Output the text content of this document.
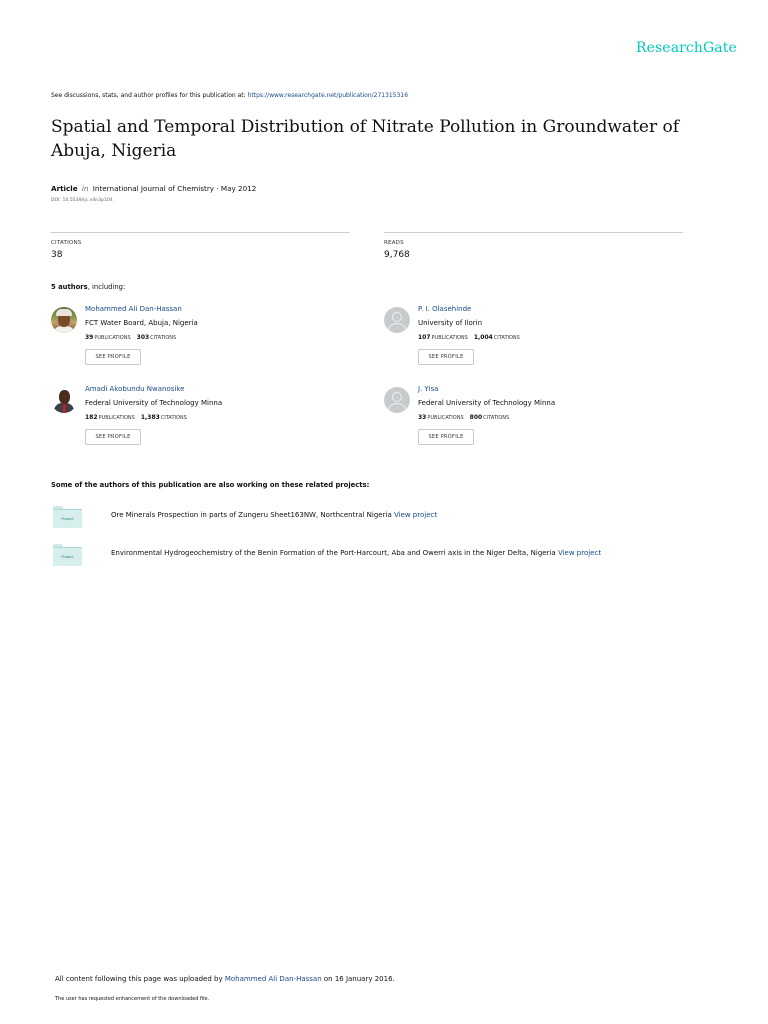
ResearchGate
See discussions, stats, and author profiles for this publication at: https://www.researchgate.net/publication/271315316
Spatial and Temporal Distribution of Nitrate Pollution in Groundwater of Abuja, Nigeria
Article in International Journal of Chemistry · May 2012
DOI: 10.5539/ijc.v4n3p104
CITATIONS
38
READS
9,768
5 authors, including:
Mohammed Ali Dan-Hassan
FCT Water Board, Abuja, Nigeria
39PUBLICATIONS 303CITATIONS
SEE PROFILE
P. I. Olasehinde
University of Ilorin
107PUBLICATIONS 1,004CITATIONS
SEE PROFILE
Amadi Akobundu Nwanosike
Federal University of Technology Minna
182PUBLICATIONS 1,383CITATIONS
SEE PROFILE
J. Yisa
Federal University of Technology Minna
33PUBLICATIONS 800CITATIONS
SEE PROFILE
Some of the authors of this publication are also working on these related projects:
Project	Ore Minerals Prospection in parts of Zungeru Sheet163NW, Northcentral Nigeria View project
Project	Environmental Hydrogeochemistry of the Benin Formation of the Port-Harcourt, Aba and Owerri axis in the Niger Delta, Nigeria View project
All content following this page was uploaded by Mohammed Ali Dan-Hassan on 16 January 2016.
The user has requested enhancement of the downloaded file.
